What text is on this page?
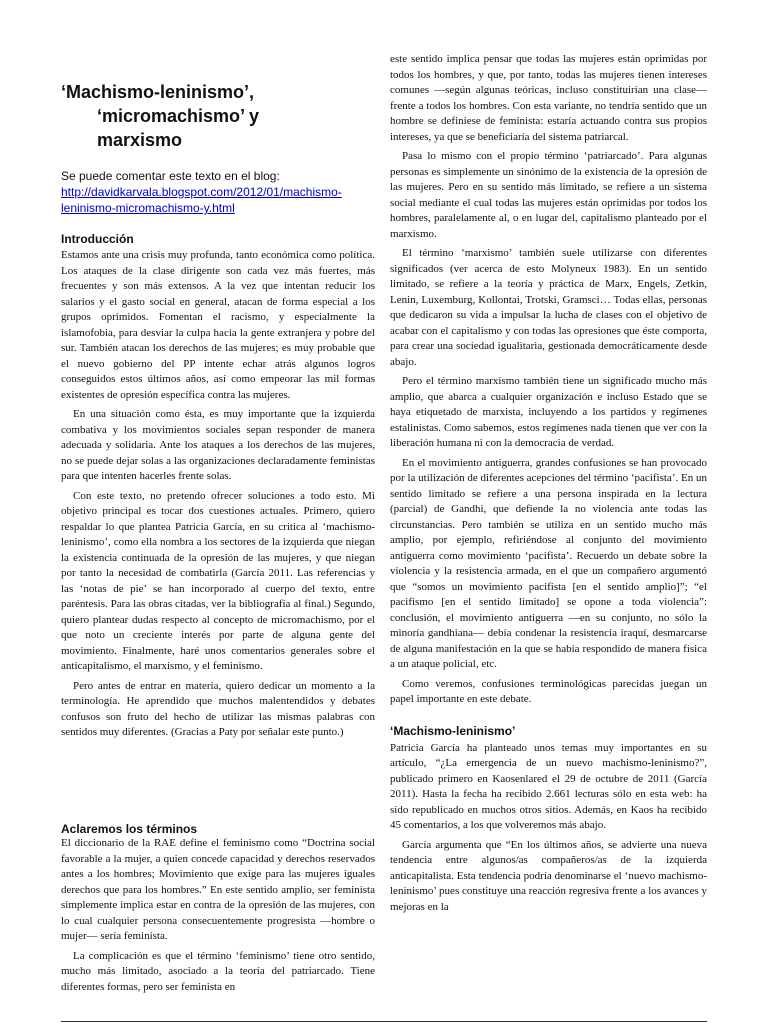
‘Machismo-leninismo’,
‘micromachismo’ y
marxismo
Se puede comentar este texto en el blog:
http://davidkarvala.blogspot.com/2012/01/machismo-leninismo-micromachismo-y.html
Introducción

Estamos ante una crisis muy profunda, tanto económica como política. Los ataques de la clase dirigente son cada vez más fuertes, más frecuentes y son más extensos. A la vez que intentan reducir los salarios y el gasto social en general, atacan de forma especial a los grupos oprimidos. Fomentan el racismo, y especialmente la islamofobia, para desviar la culpa hacia la gente extranjera y pobre del sur. También atacan los derechos de las mujeres; es muy probable que el nuevo gobierno del PP intente echar atrás algunos logros conseguidos estos últimos años, así como empeorar las mil formas existentes de opresión específica contra las mujeres.

En una situación como ésta, es muy importante que la izquierda combativa y los movimientos sociales sepan responder de manera adecuada y solidaria. Ante los ataques a los derechos de las mujeres, no se puede dejar solas a las organizaciones declaradamente feministas para que intenten hacerles frente solas.

Con este texto, no pretendo ofrecer soluciones a todo esto. Mi objetivo principal es tocar dos cuestiones actuales. Primero, quiero respaldar lo que plantea Patricia García, en su crítica al ‘machismo-leninismo’, como ella nombra a los sectores de la izquierda que niegan la existencia continuada de la opresión de las mujeres, y que niegan por tanto la necesidad de combatirla (García 2011. Las referencias y las ‘notas de pie’ se han incorporado al cuerpo del texto, entre paréntesis. Para las obras citadas, ver la bibliografía al final.) Segundo, quiero plantear dudas respecto al concepto de micromachismo, por el que noto un creciente interés por parte de alguna gente del movimiento. Finalmente, haré unos comentarios generales sobre el anticapitalismo, el marxismo, y el feminismo.

Pero antes de entrar en materia, quiero dedicar un momento a la terminología. He aprendido que muchos malentendidos y debates confusos son fruto del hecho de utilizar las mismas palabras con sentidos muy diferentes. (Gracias a Paty por señalar este punto.)

Aclaremos los términos

El diccionario de la RAE define el feminismo como “Doctrina social favorable a la mujer, a quien concede capacidad y derechos reservados antes a los hombres; Movimiento que exige para las mujeres iguales derechos que para los hombres.” En este sentido amplio, ser feminista simplemente implica estar en contra de la opresión de las mujeres, con lo cual cualquier persona consecuentemente progresista —hombre o mujer— sería feminista.

La complicación es que el término ‘feminismo’ tiene otro sentido, mucho más limitado, asociado a la teoría del patriarcado. Tiene diferentes formas, pero ser feminista en

este sentido implica pensar que todas las mujeres están oprimidas por todos los hombres, y que, por tanto, todas las mujeres tienen intereses comunes —según algunas teóricas, incluso constituirían una clase— frente a todos los hombres. Con esta variante, no tendría sentido que un hombre se definiese de feminista: estaría actuando contra sus propios intereses, ya que se beneficiaría del sistema patriarcal.

Pasa lo mismo con el propio término ‘patriarcado’. Para algunas personas es simplemente un sinónimo de la existencia de la opresión de las mujeres. Pero en su sentido más limitado, se refiere a un sistema social mediante el cual todas las mujeres están oprimidas por todos los hombres, paralelamente al, o en lugar del, capitalismo planteado por el marxismo.

El término ‘marxismo’ también suele utilizarse con diferentes significados (ver acerca de esto Molyneux 1983). En un sentido limitado, se refiere a la teoría y práctica de Marx, Engels, Zetkin, Lenin, Luxemburg, Kollontai, Trotski, Gramsci… Todas ellas, personas que dedicaron su vida a impulsar la lucha de clases con el objetivo de acabar con el capitalismo y con todas las opresiones que éste comporta, para crear una sociedad igualitaria, gestionada democráticamente desde abajo.

Pero el término marxismo también tiene un significado mucho más amplio, que abarca a cualquier organización e incluso Estado que se haya etiquetado de marxista, incluyendo a los partidos y regímenes estalinistas. Como sabemos, estos regímenes nada tienen que ver con la liberación humana ni con la democracia de verdad.

En el movimiento antiguerra, grandes confusiones se han provocado por la utilización de diferentes acepciones del término ‘pacifista’. En un sentido limitado se refiere a una persona inspirada en la lectura (parcial) de Gandhi, que defiende la no violencia ante todas las circunstancias. Pero también se utiliza en un sentido mucho más amplio, por ejemplo, refiriéndose al conjunto del movimiento antiguerra como movimiento ‘pacifista’. Recuerdo un debate sobre la violencia y la resistencia armada, en el que un compañero argumentó que “somos un movimiento pacifista [en el sentido amplio]”; “el pacifismo [en el sentido limitado] se opone a toda violencia”: conclusión, el movimiento antiguerra —en su conjunto, no sólo la minoría gandhiana— debía condenar la resistencia iraquí, desmarcarse de alguna manifestación en la que se había respondido de manera física a un ataque policial, etc.

Como veremos, confusiones terminológicas parecidas juegan un papel importante en este debate.

‘Machismo-leninismo’

Patricia García ha planteado unos temas muy importantes en su artículo, “¿La emergencia de un nuevo machismo-leninismo?”, publicado primero en Kaosenlared el 29 de octubre de 2011 (García 2011). Hasta la fecha ha recibido 2.661 lecturas sólo en esta web: ha sido republicado en muchos otros sitios. Además, en Kaos ha recibido 45 comentarios, a los que volveremos más abajo.

García argumenta que “En los últimos años, se advierte una nueva tendencia entre algunos/as compañeros/as de la izquierda anticapitalista. Esta tendencia podría denominarse el ‘nuevo machismo-leninismo’ pues constituye una reacción regresiva frente a los avances y mejoras en la
